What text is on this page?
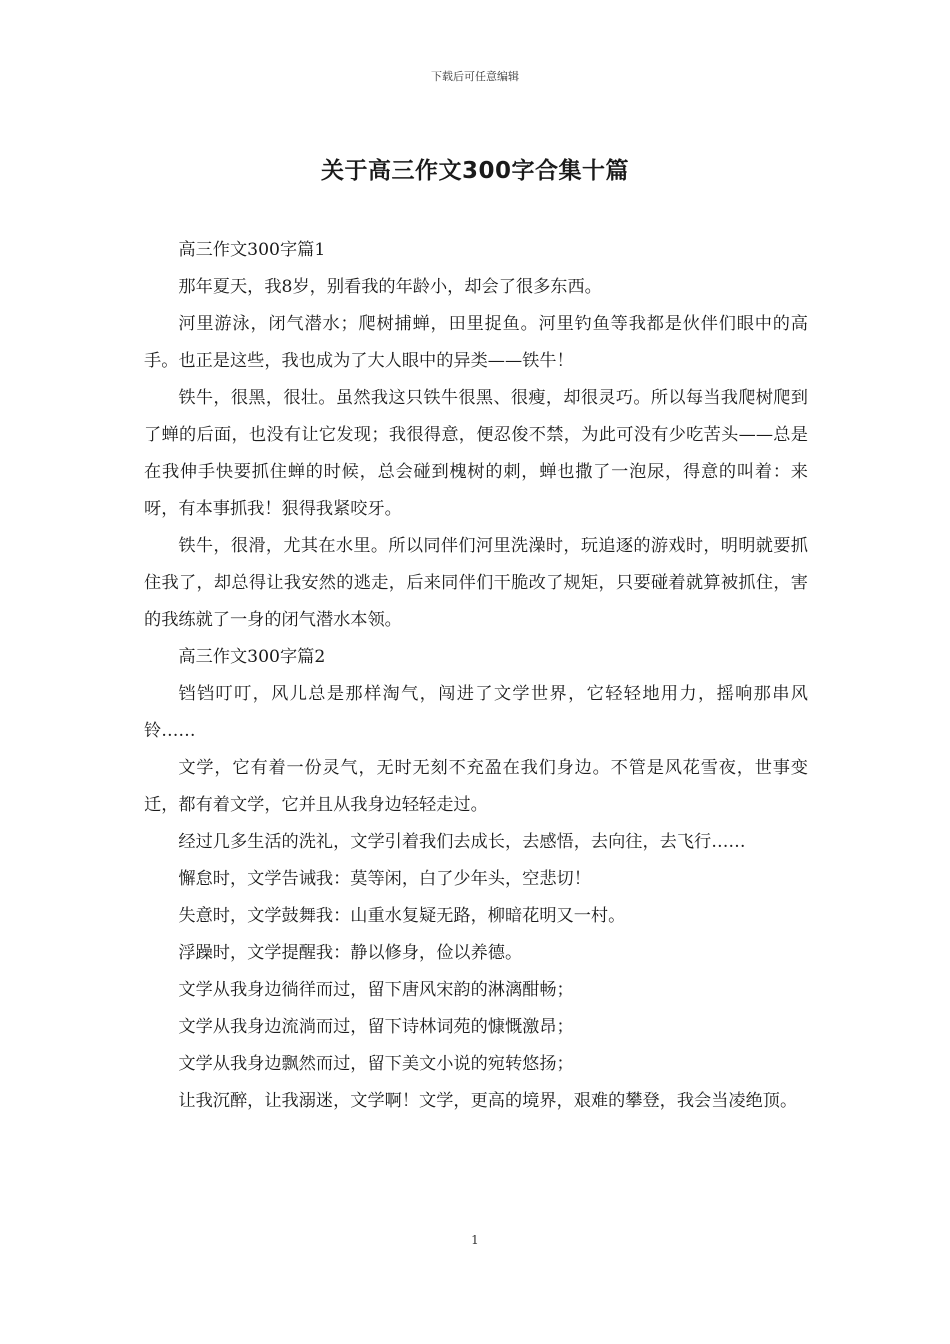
下载后可任意编辑
关于高三作文300字合集十篇

高三作文300字篇1

那年夏天，我8岁，别看我的年龄小，却会了很多东西。

河里游泳，闭气潜水；爬树捕蝉，田里捉鱼。河里钓鱼等我都是伙伴们眼中的高手。也正是这些，我也成为了大人眼中的异类——铁牛！

铁牛，很黑，很壮。虽然我这只铁牛很黑、很瘦，却很灵巧。所以每当我爬树爬到了蝉的后面，也没有让它发现；我很得意，便忍俊不禁，为此可没有少吃苦头——总是在我伸手快要抓住蝉的时候，总会碰到槐树的刺，蝉也撒了一泡尿，得意的叫着：来呀，有本事抓我！狠得我紧咬牙。

铁牛，很滑，尤其在水里。所以同伴们河里洗澡时，玩追逐的游戏时，明明就要抓住我了，却总得让我安然的逃走，后来同伴们干脆改了规矩，只要碰着就算被抓住，害的我练就了一身的闭气潜水本领。

高三作文300字篇2

铛铛叮叮，风儿总是那样淘气，闯进了文学世界，它轻轻地用力，摇响那串风铃……

文学，它有着一份灵气，无时无刻不充盈在我们身边。不管是风花雪夜，世事变迁，都有着文学，它并且从我身边轻轻走过。

经过几多生活的洗礼，文学引着我们去成长，去感悟，去向往，去飞行……

懈怠时，文学告诫我：莫等闲，白了少年头，空悲切！

失意时，文学鼓舞我：山重水复疑无路，柳暗花明又一村。

浮躁时，文学提醒我：静以修身，俭以养德。

文学从我身边徜徉而过，留下唐风宋韵的淋漓酣畅；

文学从我身边流淌而过，留下诗林词苑的慷慨激昂；

文学从我身边飘然而过，留下美文小说的宛转悠扬；

让我沉醉，让我溺迷，文学啊！文学，更高的境界，艰难的攀登，我会当凌绝顶。

1
